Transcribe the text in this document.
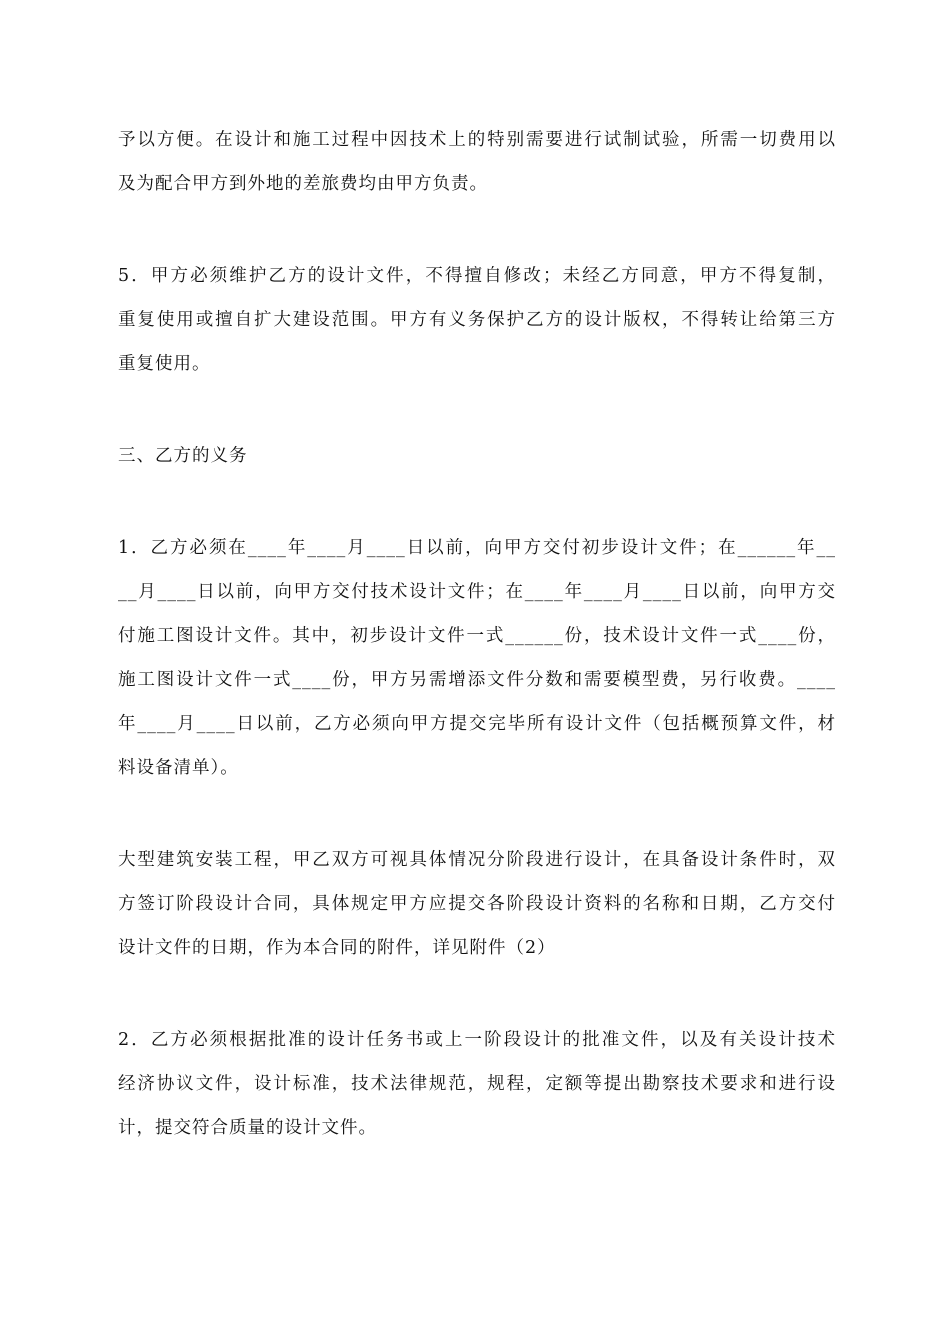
予以方便。在设计和施工过程中因技术上的特别需要进行试制试验，所需一切费用以
及为配合甲方到外地的差旅费均由甲方负责。

5．甲方必须维护乙方的设计文件，不得擅自修改；未经乙方同意，甲方不得复制，
重复使用或擅自扩大建设范围。甲方有义务保护乙方的设计版权，不得转让给第三方
重复使用。

三、乙方的义务

1．乙方必须在____年____月____日以前，向甲方交付初步设计文件；在______年__
__月____日以前，向甲方交付技术设计文件；在____年____月____日以前，向甲方交
付施工图设计文件。其中，初步设计文件一式______份，技术设计文件一式____份，
施工图设计文件一式____份，甲方另需增添文件分数和需要模型费，另行收费。____
年____月____日以前，乙方必须向甲方提交完毕所有设计文件（包括概预算文件，材
料设备清单）。

大型建筑安装工程，甲乙双方可视具体情况分阶段进行设计，在具备设计条件时，双
方签订阶段设计合同，具体规定甲方应提交各阶段设计资料的名称和日期，乙方交付
设计文件的日期，作为本合同的附件，详见附件（2）

2．乙方必须根据批准的设计任务书或上一阶段设计的批准文件，以及有关设计技术
经济协议文件，设计标准，技术法律规范，规程，定额等提出勘察技术要求和进行设
计，提交符合质量的设计文件。
